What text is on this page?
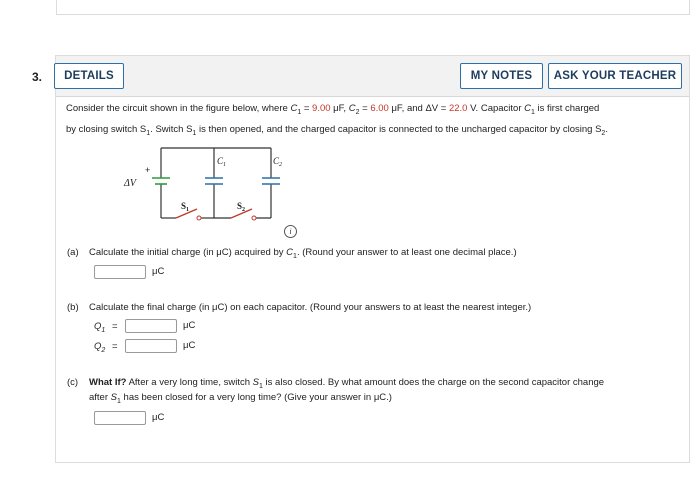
3.	DETAILS	MY NOTES	ASK YOUR TEACHER

Consider the circuit shown in the figure below, where $C_1 = 9.00$ μF, $C_2 = 6.00$ μF, and ΔV = 22.0 V. Capacitor $C_1$ is first charged

by closing switch $S_1$. Switch $S_1$ is then opened, and the charged capacitor is connected to the uncharged capacitor by closing $S_2$.

+
ΔV
$C_1$	$C_2$
$S_1$	$S_2$
i
(a) Calculate the initial charge (in μC) acquired by $C_1$. (Round your answer to at least one decimal place.)
μC
(b) Calculate the final charge (in μC) on each capacitor. (Round your answers to at least the nearest integer.)
$Q_1$ =	μC
$Q_2$ =	μC
(c) What If? After a very long time, switch $S_1$ is also closed. By what amount does the charge on the second capacitor change
after $S_1$ has been closed for a very long time? (Give your answer in μC.)
μC
